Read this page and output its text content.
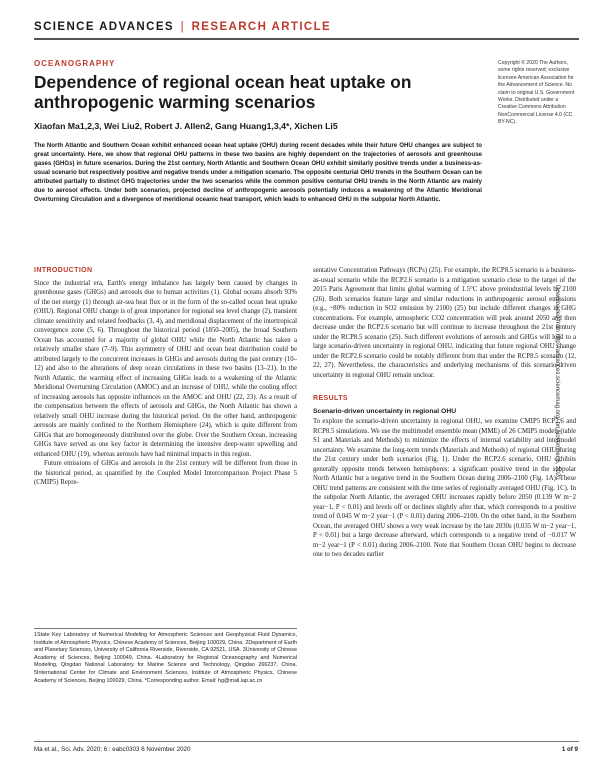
SCIENCE ADVANCES | RESEARCH ARTICLE
OCEANOGRAPHY
Dependence of regional ocean heat uptake on anthropogenic warming scenarios
Xiaofan Ma1,2,3, Wei Liu2, Robert J. Allen2, Gang Huang1,3,4*, Xichen Li5
Copyright © 2020 The Authors, some rights reserved; exclusive licensee American Association for the Advancement of Science. No claim to original U.S. Government Works. Distributed under a Creative Commons Attribution NonCommercial License 4.0 (CC BY-NC).
The North Atlantic and Southern Ocean exhibit enhanced ocean heat uptake (OHU) during recent decades while their future OHU changes are subject to great uncertainty. Here, we show that regional OHU patterns in these two basins are highly dependent on the trajectories of aerosols and greenhouse gases (GHGs) in future scenarios. During the 21st century, North Atlantic and Southern Ocean OHU exhibit similarly positive trends under a business-as-usual scenario but respectively positive and negative trends under a mitigation scenario. The opposite centurial OHU trends in the Southern Ocean can be attributed partially to distinct GHG trajectories under the two scenarios while the common positive centurial OHU trends in the North Atlantic are mainly due to aerosol effects. Under both scenarios, projected decline of anthropogenic aerosols potentially induces a weakening of the Atlantic Meridional Overturning Circulation and a divergence of meridional oceanic heat transport, which leads to enhanced OHU in the subpolar North Atlantic.
INTRODUCTION

Since the industrial era, Earth's energy imbalance has largely been caused by changes in greenhouse gases (GHGs) and aerosols due to human activities (1). Global oceans absorb 93% of the net energy (1) through air-sea heat flux or in the form of the so-called ocean heat uptake (OHU). Regional OHU change is of great importance for regional sea level change (2), transient climate sensitivity and related feedbacks (3, 4), and meridional displacement of the intertropical convergence zone (5, 6). Throughout the historical period (1850–2005), the broad Southern Ocean has accounted for a majority of global OHU while the North Atlantic has taken a relatively smaller share (7–9). This asymmetry of OHU and ocean heat distribution could be attributed largely to the concurrent increases in GHGs and aerosols during the past century (10–12) and also to the alterations of deep ocean circulations in these two basins (13–21). In the North Atlantic, the warming effect of increasing GHGs leads to a weakening of the Atlantic Meridional Overturning Circulation (AMOC) and an increase of OHU, while the cooling effect of increasing aerosols has opposite influences on the AMOC and OHU (22, 23). As a result of the compensation between the effects of aerosols and GHGs, the North Atlantic has shown a relatively small OHU increase during the historical period. On the other hand, anthropogenic aerosols are mainly confined to the Northern Hemisphere (24), which is quite different from GHGs that are homogeneously distributed over the globe. Over the Southern Ocean, increasing GHGs have served as one key factor in determining the intensive deep-water upwelling and enhanced OHU (19), whereas aerosols have had minimal impacts in this region.

Future emissions of GHGs and aerosols in the 21st century will be different from those in the historical period, as quantified by the Coupled Model Intercomparison Project Phase 5 (CMIP5) Repre-

sentative Concentration Pathways (RCPs) (25). For example, the RCP8.5 scenario is a business-as-usual scenario while the RCP2.6 scenario is a mitigation scenario close to the target of the 2015 Paris Agreement that limits global warming of 1.5°C above preindustrial levels by 2100 (26). Both scenarios feature large and similar reductions in anthropogenic aerosol emissions (e.g., ~80% reduction in SO2 emission by 2100) (25) but include different changes in GHG concentrations. For example, atmospheric CO2 concentration will peak around 2050 and then decrease under the RCP2.6 scenario but will continue to increase throughout the 21st century under the RCP8.5 scenario (25). Such different evolutions of aerosols and GHGs will lead to a large scenario-driven uncertainty in regional OHU, indicating that future regional OHU change under the RCP2.6 scenario could be notably different from that under the RCP8.5 scenario (12, 22, 27). Nevertheless, the characteristics and underlying mechanisms of this scenario-driven uncertainty in regional OHU remain unclear.

RESULTS
Scenario-driven uncertainty in regional OHU

To explore the scenario-driven uncertainty in regional OHU, we examine CMIP5 RCP2.6 and RCP8.5 simulations. We use the multimodel ensemble mean (MME) of 26 CMIP5 models (table S1 and Materials and Methods) to minimize the effects of internal variability and intermodel uncertainty. We examine the long-term trends (Materials and Methods) of regional OHU during the 21st century under both scenarios (Fig. 1). Under the RCP2.6 scenario, OHU exhibits generally opposite trends between hemispheres: a significant positive trend in the subpolar North Atlantic but a negative trend in the Southern Ocean during 2006–2100 (Fig. 1A). These OHU trend patterns are consistent with the time series of regionally averaged OHU (Fig. 1C). In the subpolar North Atlantic, the averaged OHU increases rapidly before 2050 (0.139 W m−2 year−1, P < 0.01) and levels off or declines slightly after that, which corresponds to a positive trend of 0.045 W m−2 year−1 (P < 0.01) during 2006–2100. On the other hand, in the Southern Ocean, the averaged OHU shows a very weak increase by the late 2030s (0.035 W m−2 year−1, P < 0.01) but a large decrease afterward, which corresponds to a negative trend of −0.017 W m−2 year−1 (P < 0.01) during 2006–2100. Note that Southern Ocean OHU begins to decrease one to two decades earlier

1State Key Laboratory of Numerical Modeling for Atmospheric Sciences and Geophysical Fluid Dynamics, Institute of Atmospheric Physics, Chinese Academy of Sciences, Beijing 100029, China. 2Department of Earth and Planetary Sciences, University of California Riverside, Riverside, CA 92521, USA. 3University of Chinese Academy of Sciences, Beijing 100049, China. 4Laboratory for Regional Oceanography and Numerical Modeling, Qingdao National Laboratory for Marine Science and Technology, Qingdao 266237, China. 5International Center for Climate and Environment Sciences, Institute of Atmospheric Physics, Chinese Academy of Sciences, Beijing 100029, China. *Corresponding author. Email: hg@mail.iap.ac.cn
Downloaded from http://advances.sciencemag.org/ on November 6, 2020
Ma et al., Sci. Adv. 2020; 6 : eabc0303 6 November 2020	1 of 9
